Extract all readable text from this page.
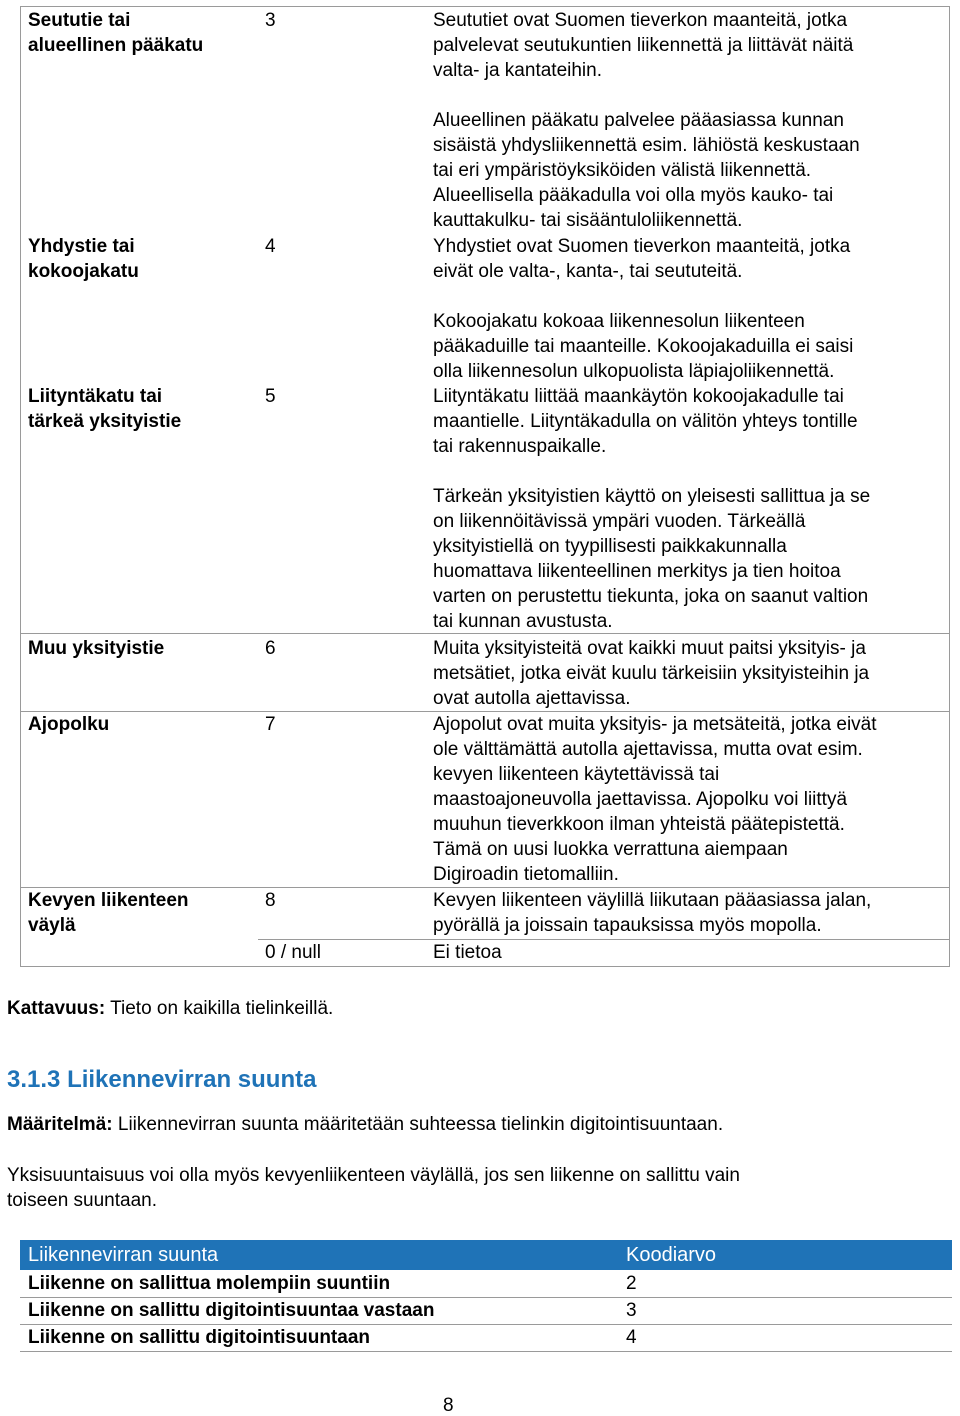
Seututie tai
alueellinen pääkatu
3	Seututiet ovat Suomen tieverkon maanteitä, jotka
palvelevat seutukuntien liikennettä ja liittävät näitä
valta- ja kantateihin.
Alueellinen pääkatu palvelee pääasiassa kunnan
sisäistä yhdysliikennettä esim. lähiöstä keskustaan
tai eri ympäristöyksiköiden välistä liikennettä.
Alueellisella pääkadulla voi olla myös kauko- tai
kauttakulku- tai sisääntuloliikennettä.
Yhdystie tai
kokoojakatu
4	Yhdystiet ovat Suomen tieverkon maanteitä, jotka
eivät ole valta-, kanta-, tai seututeitä.
Kokoojakatu kokoaa liikennesolun liikenteen
pääkaduille tai maanteille. Kokoojakaduilla ei saisi
olla liikennesolun ulkopuolista läpiajoliikennettä.
Liityntäkatu tai
tärkeä yksityistie
5	Liityntäkatu liittää maankäytön kokoojakadulle tai
maantielle. Liityntäkadulla on välitön yhteys tontille
tai rakennuspaikalle.
Tärkeän yksityistien käyttö on yleisesti sallittua ja se
on liikennöitävissä ympäri vuoden. Tärkeällä
yksityistiellä on tyypillisesti paikkakunnalla
huomattava liikenteellinen merkitys ja tien hoitoa
varten on perustettu tiekunta, joka on saanut valtion
tai kunnan avustusta.
Muu yksityistie	6	Muita yksityisteitä ovat kaikki muut paitsi yksityis- ja
metsätiet, jotka eivät kuulu tärkeisiin yksityisteihin ja
ovat autolla ajettavissa.
Ajopolku	7	Ajopolut ovat muita yksityis- ja metsäteitä, jotka eivät
ole välttämättä autolla ajettavissa, mutta ovat esim.
kevyen liikenteen käytettävissä tai
maastoajoneuvolla jaettavissa. Ajopolku voi liittyä
muuhun tieverkkoon ilman yhteistä päätepistettä.
Tämä on uusi luokka verrattuna aiempaan
Digiroadin tietomalliin.
Kevyen liikenteen
väylä
8	Kevyen liikenteen väylillä liikutaan pääasiassa jalan,
pyörällä ja joissain tapauksissa myös mopolla.
0 / null	Ei tietoa
Kattavuus: Tieto on kaikilla tielinkeillä.
3.1.3 Liikennevirran suunta
Määritelmä: Liikennevirran suunta määritetään suhteessa tielinkin digitointisuuntaan.
Yksisuuntaisuus voi olla myös kevyenliikenteen väylällä, jos sen liikenne on sallittu vain
toiseen suuntaan.
Liikennevirran suunta	Koodiarvo
Liikenne on sallittua molempiin suuntiin	2
Liikenne on sallittu digitointisuuntaa vastaan	3
Liikenne on sallittu digitointisuuntaan	4
8
